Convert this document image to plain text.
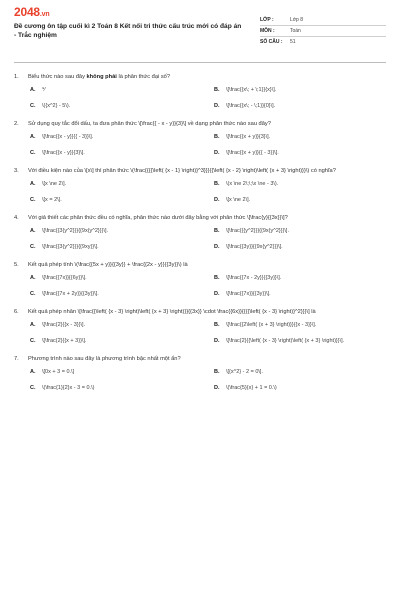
2048.vn
Đề cương ôn tập cuối kì 2 Toán 8 Kết nối tri thức cấu trúc mới có đáp án - Trắc nghiệm
LỚP :	Lớp 8
MÔN :	Toán
SỐ CÂU :	51
1.	Biểu thức nào sau đây không phải là phân thức đại số?
A.	⅟	B.	\[\frac{{x\; + \;1}}{x}\].
C.	\({x^2} - 5\).	D.	\[\frac{{x\; - \;1}}{0}\].
2.	Sử dụng quy tắc đổi dấu, ta đưa phân thức \[\frac{{ - x - y}}{3}\] về dạng phân thức nào sau đây?
A.	\[\frac{{x - y}}{{ - 3}}\].	B.	\[\frac{{x + y}}{3}\].
C.	\[\frac{{x - y}}{3}\].	D.	\[\frac{{x + y}}{{ - 3}}\].
3.	Với điều kiện nào của \[x\] thì phân thức \(\frac{{{{\left( {x - 1} \right)}^3}}}{{\left( {x - 2} \right)\left( {x + 3} \right)}}\) có nghĩa?
A.	\[x \ne 2\].	B.	\(x \ne 2\;\;\x \ne - 3\).
C.	\[x = 2\].	D.	\[x \ne 2\].
4.	Với giả thiết các phân thức đều có nghĩa, phân thức nào dưới đây bằng với phân thức \[\frac{y}{{3x}}\]?
A.	\[\frac{{3{y^2}}}{{9x{y^2}}}\].	B.	\[\frac{{{y^2}}}{{9x{y^2}}}\].
C.	\[\frac{{3{y^2}}}{{9xy}}\].	D.	\[\frac{{3y}}{{9x{y^2}}}\].
5.	Kết quả phép tính \(\frac{{5x + y}}{{3y}} + \frac{{2x - y}}{{3y}}\) là
A.	\[\frac{{7x}}{{6y}}\].	B.	\[\frac{{7x - 2y}}{{3y}}\].
C.	\[\frac{{7x + 2y}}{{3y}}\].	D.	\[\frac{{7x}}{{3y}}\].
6.	Kết quả phép nhân \[\frac{{\left( {x - 3} \right)\left( {x + 3} \right)}}{{3x}} \cdot \frac{{6x}}{{{{\left( {x - 3} \right)}^2}}}\] là
A.	\[\frac{2}{{x - 3}}\].	B.	\[\frac{{2\left( {x + 3} \right)}}{{x - 3}}\].
C.	\[\frac{2}{{x + 3}}\].	D.	\[\frac{2}{{\left( {x - 3} \right)\left( {x + 3} \right)}}\].
7.	Phương trình nào sau đây là phương trình bậc nhất một ẩn?
A.	\[0x + 3 = 0.\]	B.	\[{x^2} - 2 = 0\].
C.	\(\frac{1}{2}x - 3 = 0.\)	D.	\(\frac{5}{x} + 1 = 0.\)
